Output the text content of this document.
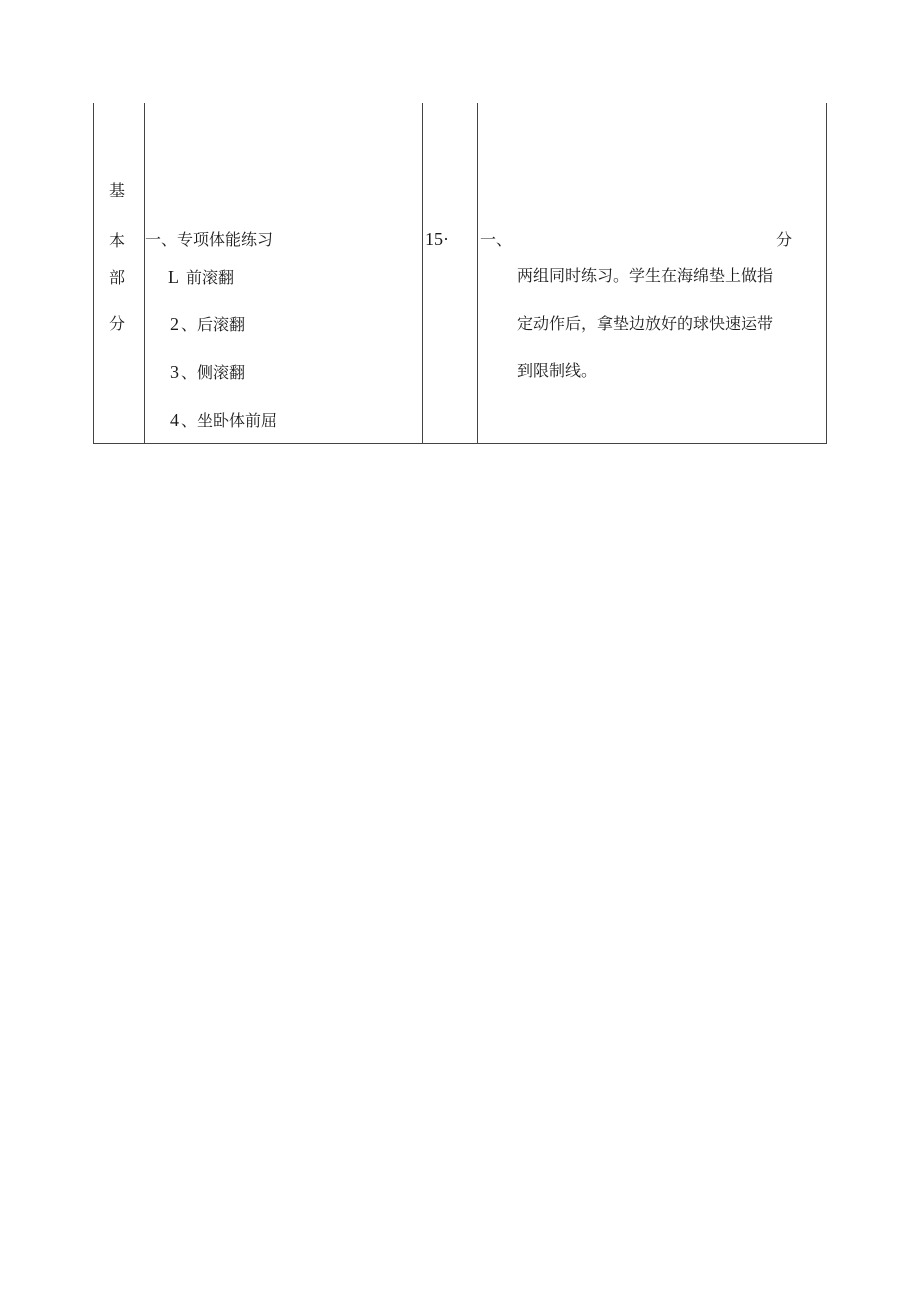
基
本
部
分
一、专项体能练习
L 前滚翻
2 、后滚翻
3 、侧滚翻
4 、坐卧体前屈
15· 一、	分
两组同时练习。学生在海绵垫上做指
定动作后，拿垫边放好的球快速运带
到限制线。
